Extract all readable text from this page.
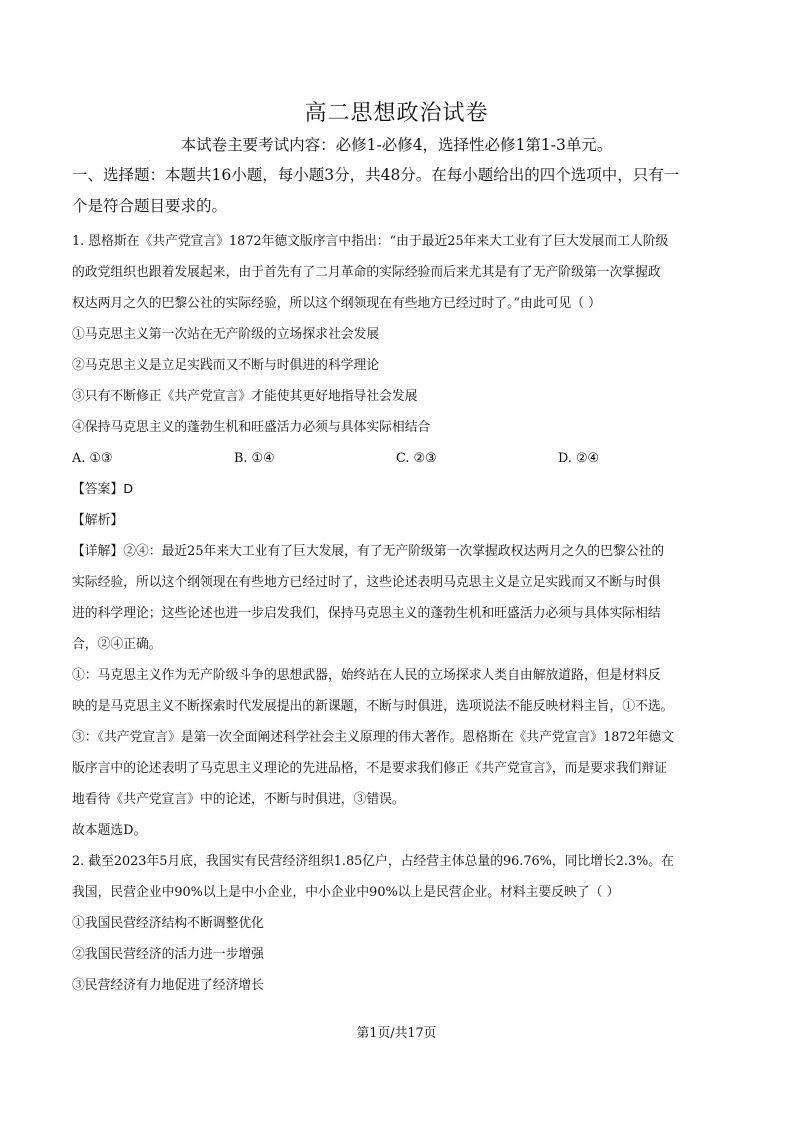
高二思想政治试卷
本试卷主要考试内容：必修1-必修4，选择性必修1第1-3单元。
一、选择题：本题共16小题，每小题3分，共48分。在每小题给出的四个选项中，只有一
个是符合题目要求的。
1. 恩格斯在《共产党宣言》1872年德文版序言中指出：“由于最近25年来大工业有了巨大发展而工人阶级
的政党组织也跟着发展起来，由于首先有了二月革命的实际经验而后来尤其是有了无产阶级第一次掌握政
权达两月之久的巴黎公社的实际经验，所以这个纲领现在有些地方已经过时了。”由此可见（ ）
①马克思主义第一次站在无产阶级的立场探求社会发展
②马克思主义是立足实践而又不断与时俱进的科学理论
③只有不断修正《共产党宣言》才能使其更好地指导社会发展
④保持马克思主义的蓬勃生机和旺盛活力必须与具体实际相结合
A. ①③	B. ①④	C. ②③	D. ②④
【答案】D
【解析】
【详解】②④：最近25年来大工业有了巨大发展，有了无产阶级第一次掌握政权达两月之久的巴黎公社的
实际经验，所以这个纲领现在有些地方已经过时了，这些论述表明马克思主义是立足实践而又不断与时俱
进的科学理论；这些论述也进一步启发我们，保持马克思主义的蓬勃生机和旺盛活力必须与具体实际相结
合，②④正确。
①：马克思主义作为无产阶级斗争的思想武器，始终站在人民的立场探求人类自由解放道路，但是材料反
映的是马克思主义不断探索时代发展提出的新课题，不断与时俱进，选项说法不能反映材料主旨，①不选。
③：《共产党宣言》是第一次全面阐述科学社会主义原理的伟大著作。恩格斯在《共产党宣言》1872年德文
版序言中的论述表明了马克思主义理论的先进品格，不是要求我们修正《共产党宣言》，而是要求我们辩证
地看待《共产党宣言》中的论述，不断与时俱进，③错误。
故本题选D。
2. 截至2023年5月底，我国实有民营经济组织1.85亿户，占经营主体总量的96.76%，同比增长2.3%。在
我国，民营企业中90%以上是中小企业，中小企业中90%以上是民营企业。材料主要反映了（ ）
①我国民营经济结构不断调整优化
②我国民营经济的活力进一步增强
③民营经济有力地促进了经济增长
第1页/共17页
